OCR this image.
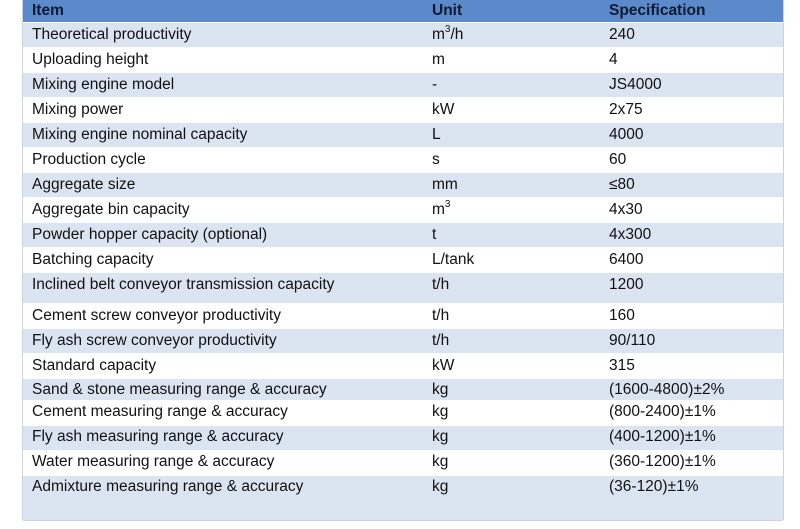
Item	Unit	Specification
Theoretical productivity	$m^3/h$	240
Uploading height	m	4
Mixing engine model	-	JS4000
Mixing power	kW	2x75
Mixing engine nominal capacity	L	4000
Production cycle	s	60
Aggregate size	mm	≤80
Aggregate bin capacity	$m^3$	4x30
Powder hopper capacity (optional)	t	4x300
Batching capacity	L/tank	6400
Inclined belt conveyor transmission capacity	t/h	1200
Cement screw conveyor productivity	t/h	160
Fly ash screw conveyor productivity	t/h	90/110
Standard capacity	kW	315
Sand & stone measuring range & accuracy	kg	(1600-4800)±2%
Cement measuring range & accuracy	kg	(800-2400)±1%
Fly ash measuring range & accuracy	kg	(400-1200)±1%
Water measuring range & accuracy	kg	(360-1200)±1%
Admixture measuring range & accuracy	kg	(36-120)±1%
